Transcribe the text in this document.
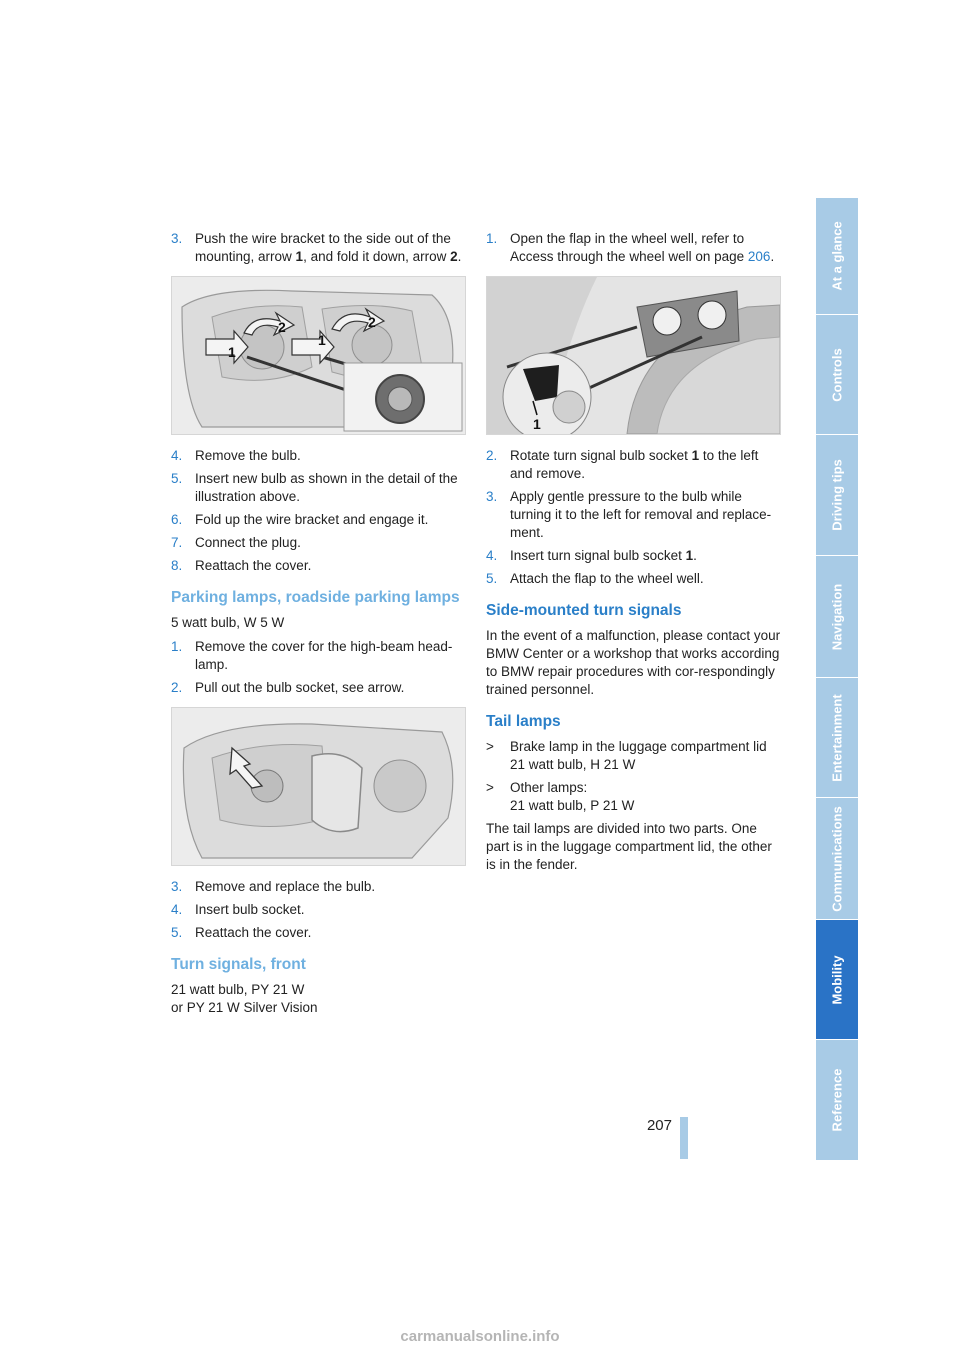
3. Push the wire bracket to the side out of the mounting, arrow 1, and fold it down, arrow 2.
1
1
2	2
4. Remove the bulb.
5. Insert new bulb as shown in the detail of the illustration above.
6. Fold up the wire bracket and engage it.
7. Connect the plug.
8. Reattach the cover.
Parking lamps, roadside parking lamps

5 watt bulb, W 5 W

1. Remove the cover for the high-beam head-lamp.
2. Pull out the bulb socket, see arrow.
3. Remove and replace the bulb.
4. Insert bulb socket.
5. Reattach the cover.
Turn signals, front

21 watt bulb, PY 21 W

or PY 21 W Silver Vision

1. Open the flap in the wheel well, refer to Access through the wheel well on page 206.
1
2. Rotate turn signal bulb socket 1 to the left and remove.
3. Apply gentle pressure to the bulb while turning it to the left for removal and replace-ment.
4. Insert turn signal bulb socket 1.
5. Attach the flap to the wheel well.
Side-mounted turn signals

In the event of a malfunction, please contact your BMW Center or a workshop that works according to BMW repair procedures with cor-respondingly trained personnel.

Tail lamps
>	Brake lamp in the luggage compartment lid
21 watt bulb, H 21 W
>	Other lamps:
21 watt bulb, P 21 W

The tail lamps are divided into two parts. One part is in the luggage compartment lid, the other is in the fender.

At a glance
Controls
Driving tips
Navigation
Entertainment
Communications
Mobility
Reference
207
carmanualsonline.info
